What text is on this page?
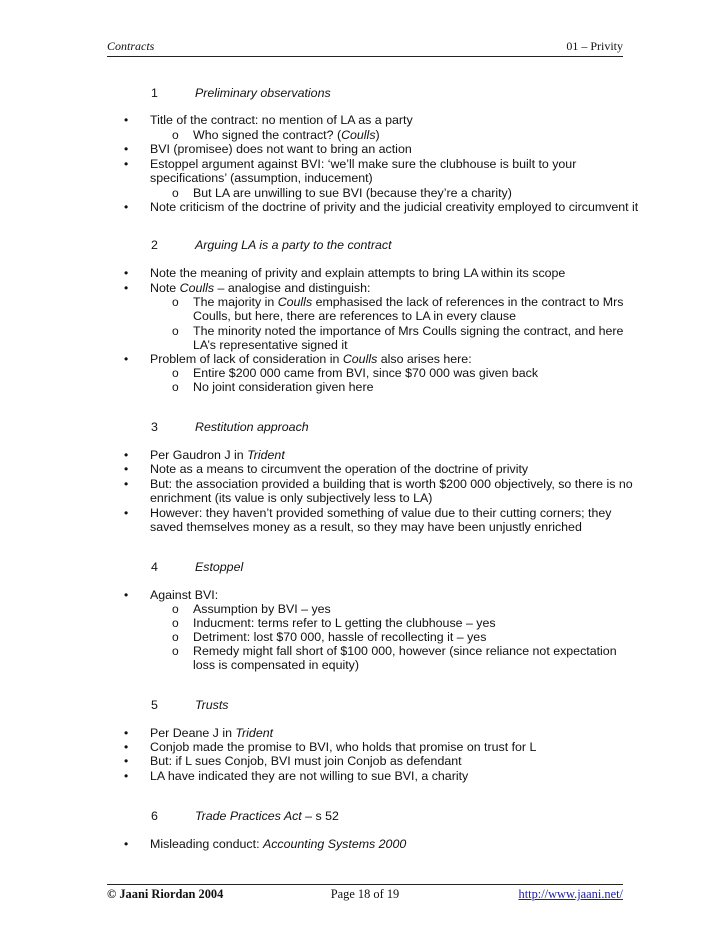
Contracts	01 – Privity
1	Preliminary observations
• Title of the contract: no mention of LA as a party
o Who signed the contract? (Coulls)
• BVI (promisee) does not want to bring an action
• Estoppel argument against BVI: ‘we’ll make sure the clubhouse is built to your
specifications’ (assumption, inducement)
o But LA are unwilling to sue BVI (because they’re a charity)
• Note criticism of the doctrine of privity and the judicial creativity employed to circumvent it
2	Arguing LA is a party to the contract
• Note the meaning of privity and explain attempts to bring LA within its scope
• Note Coulls – analogise and distinguish:
o The majority in Coulls emphasised the lack of references in the contract to Mrs
Coulls, but here, there are references to LA in every clause
o The minority noted the importance of Mrs Coulls signing the contract, and here
LA’s representative signed it
• Problem of lack of consideration in Coulls also arises here:
o Entire $200 000 came from BVI, since $70 000 was given back
o No joint consideration given here
3	Restitution approach
• Per Gaudron J in Trident
• Note as a means to circumvent the operation of the doctrine of privity
• But: the association provided a building that is worth $200 000 objectively, so there is no
enrichment (its value is only subjectively less to LA)
• However: they haven’t provided something of value due to their cutting corners; they
saved themselves money as a result, so they may have been unjustly enriched
4	Estoppel
• Against BVI:
o Assumption by BVI – yes
o Inducment: terms refer to L getting the clubhouse – yes
o Detriment: lost $70 000, hassle of recollecting it – yes
o Remedy might fall short of $100 000, however (since reliance not expectation
loss is compensated in equity)
5	Trusts
• Per Deane J in Trident
• Conjob made the promise to BVI, who holds that promise on trust for L
• But: if L sues Conjob, BVI must join Conjob as defendant
• LA have indicated they are not willing to sue BVI, a charity
6	Trade Practices Act – s 52
• Misleading conduct: Accounting Systems 2000
© Jaani Riordan 2004	Page 18 of 19	http://www.jaani.net/
